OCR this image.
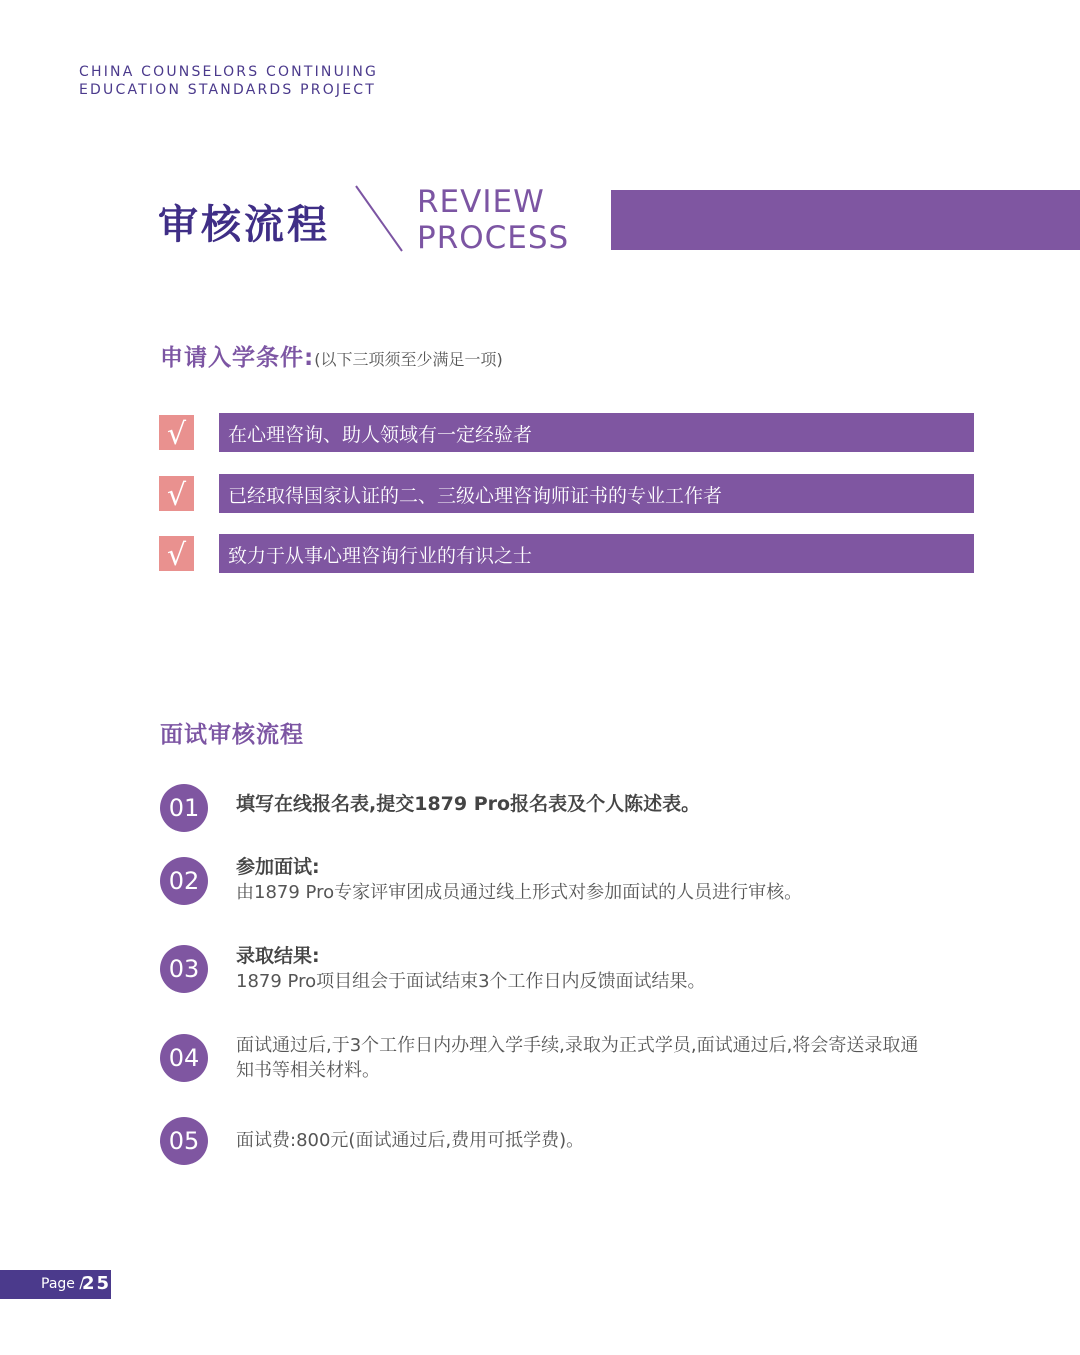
CHINA COUNSELORS CONTINUING
EDUCATION STANDARDS PROJECT
审核流程	REVIEW
PROCESS
申请入学条件:(以下三项须至少满足一项)
√ 在心理咨询、助人领域有一定经验者
√ 已经取得国家认证的二、三级心理咨询师证书的专业工作者
√ 致力于从事心理咨询行业的有识之士
面试审核流程
01	填写在线报名表,提交1879 Pro报名表及个人陈述表。
02	参加面试:
由1879 Pro专家评审团成员通过线上形式对参加面试的人员进行审核。
03	录取结果:
1879 Pro项目组会于面试结束3个工作日内反馈面试结果。
04	面试通过后,于3个工作日内办理入学手续,录取为正式学员,面试通过后,将会寄送录取通知书等相关材料。
05	面试费:800元(面试通过后,费用可抵学费)。
Page /
25
